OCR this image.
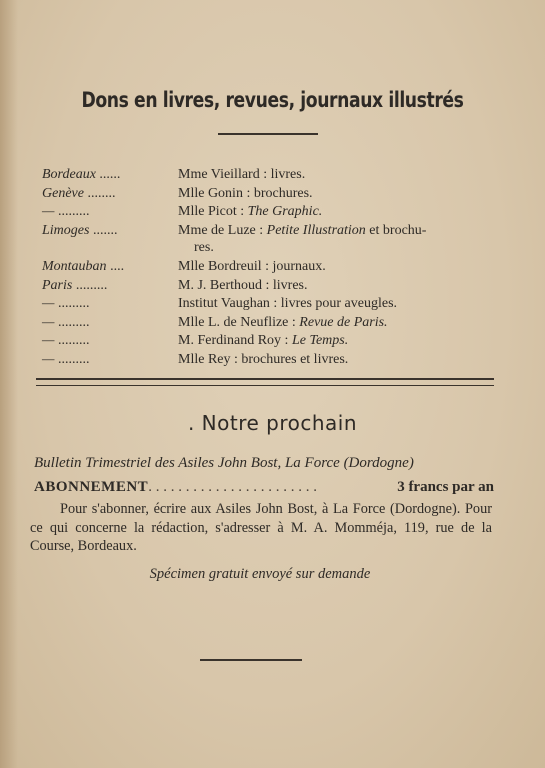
Dons en livres, revues, journaux illustrés
Bordeaux ......	Mme Vieillard : livres.
Genève ........	Mlle Gonin : brochures.
— .........	Mlle Picot : The Graphic.
Limoges .......	Mme de Luze : Petite Illustration et brochu-
res.
Montauban ....	Mlle Bordreuil : journaux.
Paris .........	M. J. Berthoud : livres.
— .........	Institut Vaughan : livres pour aveugles.
— .........	Mlle L. de Neuflize : Revue de Paris.
— .........	M. Ferdinand Roy : Le Temps.
— .........	Mlle Rey : brochures et livres.
. Notre prochain
Bulletin Trimestriel des Asiles John Bost, La Force (Dordogne)
ABONNEMENT . . . . . . . . . . . . . . . . . . . . . . .	3 francs par an
Pour s'abonner, écrire aux Asiles John Bost, à La Force (Dordogne). Pour ce qui concerne la rédaction, s'adresser à M. A. Momméja, 119, rue de la Course, Bordeaux.
Spécimen gratuit envoyé sur demande
